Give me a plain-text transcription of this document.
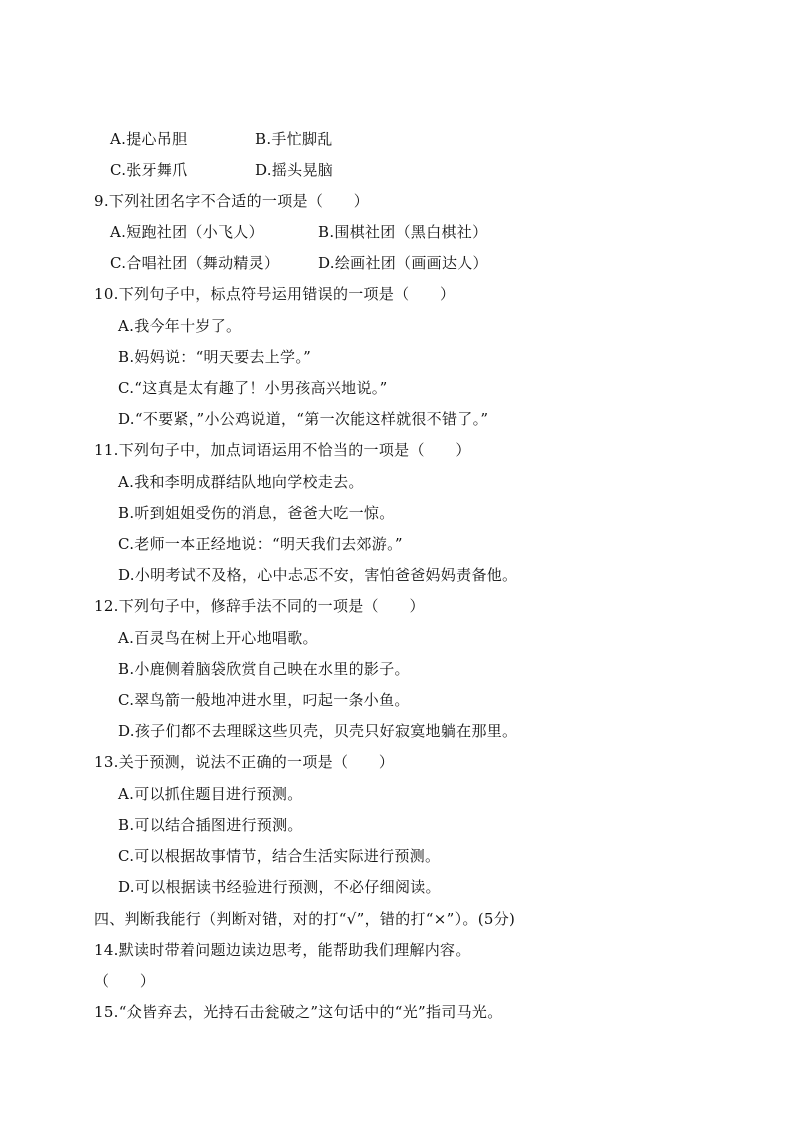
A.提心吊胆	B.手忙脚乱
C.张牙舞爪	D.摇头晃脑
9.下列社团名字不合适的一项是（　　）
A.短跑社团（小飞人）	B.围棋社团（黑白棋社）
C.合唱社团（舞动精灵）	D.绘画社团（画画达人）
10.下列句子中，标点符号运用错误的一项是（　　）
A.我今年十岁了。
B.妈妈说：“明天要去上学。”
C.“这真是太有趣了！小男孩高兴地说。”
D.“不要紧，”小公鸡说道，“第一次能这样就很不错了。”
11.下列句子中，加点词语运用不恰当的一项是（　　）
A.我和李明成群结队地向学校走去。
B.听到姐姐受伤的消息，爸爸大吃一惊。
C.老师一本正经地说：“明天我们去郊游。”
D.小明考试不及格，心中忐忑不安，害怕爸爸妈妈责备他。
12.下列句子中，修辞手法不同的一项是（　　）
A.百灵鸟在树上开心地唱歌。
B.小鹿侧着脑袋欣赏自己映在水里的影子。
C.翠鸟箭一般地冲进水里，叼起一条小鱼。
D.孩子们都不去理睬这些贝壳，贝壳只好寂寞地躺在那里。
13.关于预测，说法不正确的一项是（　　）
A.可以抓住题目进行预测。
B.可以结合插图进行预测。
C.可以根据故事情节，结合生活实际进行预测。
D.可以根据读书经验进行预测，不必仔细阅读。
四、判断我能行（判断对错，对的打“√”，错的打“×”）。(5分)
14.默读时带着问题边读边思考，能帮助我们理解内容。
（　　）
15.“众皆弃去，光持石击瓮破之”这句话中的“光”指司马光。
